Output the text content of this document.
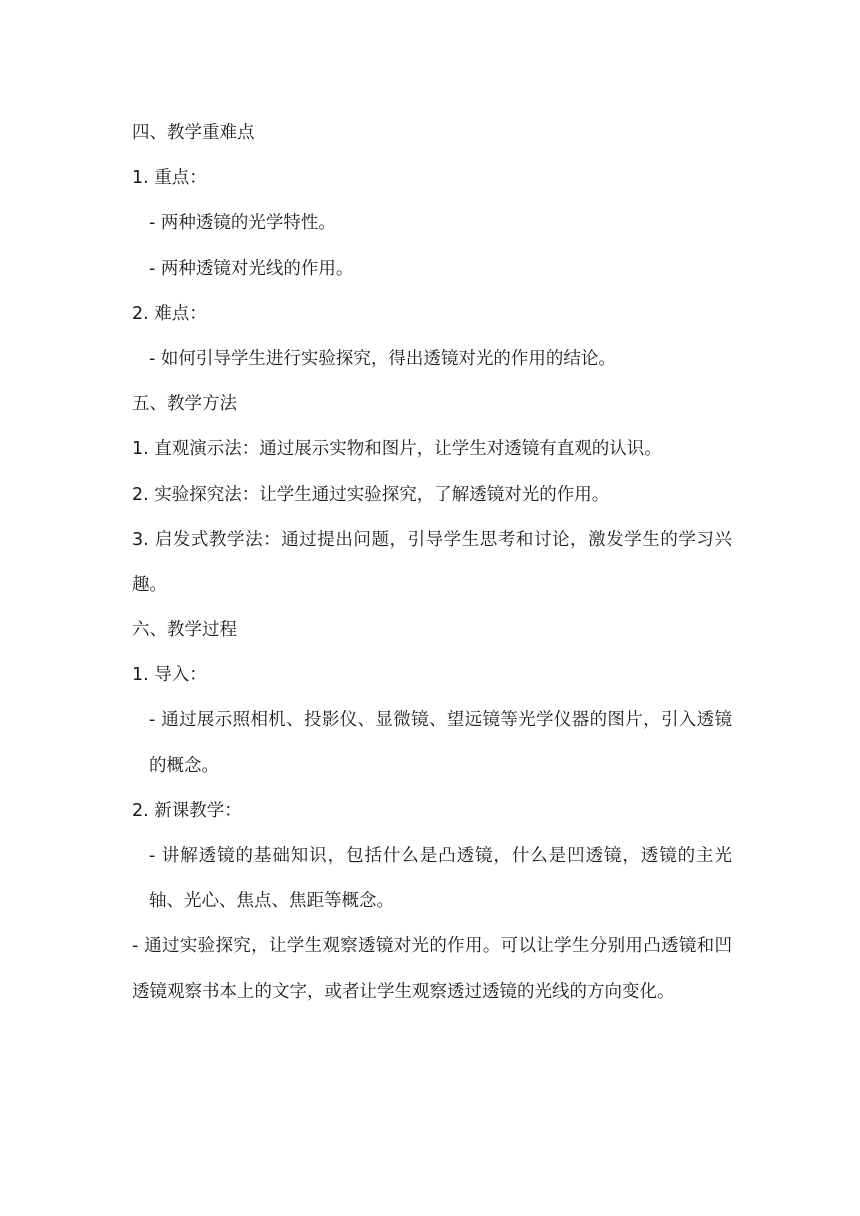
四、教学重难点
1. 重点：
- 两种透镜的光学特性。
- 两种透镜对光线的作用。
2. 难点：
- 如何引导学生进行实验探究，得出透镜对光的作用的结论。
五、教学方法
1. 直观演示法：通过展示实物和图片，让学生对透镜有直观的认识。
2. 实验探究法：让学生通过实验探究，了解透镜对光的作用。
3. 启发式教学法：通过提出问题，引导学生思考和讨论，激发学生的学习兴趣。
六、教学过程
1. 导入：
- 通过展示照相机、投影仪、显微镜、望远镜等光学仪器的图片，引入透镜的概念。
2. 新课教学：
- 讲解透镜的基础知识，包括什么是凸透镜，什么是凹透镜，透镜的主光轴、光心、焦点、焦距等概念。
- 通过实验探究，让学生观察透镜对光的作用。可以让学生分别用凸透镜和凹透镜观察书本上的文字，或者让学生观察透过透镜的光线的方向变化。
